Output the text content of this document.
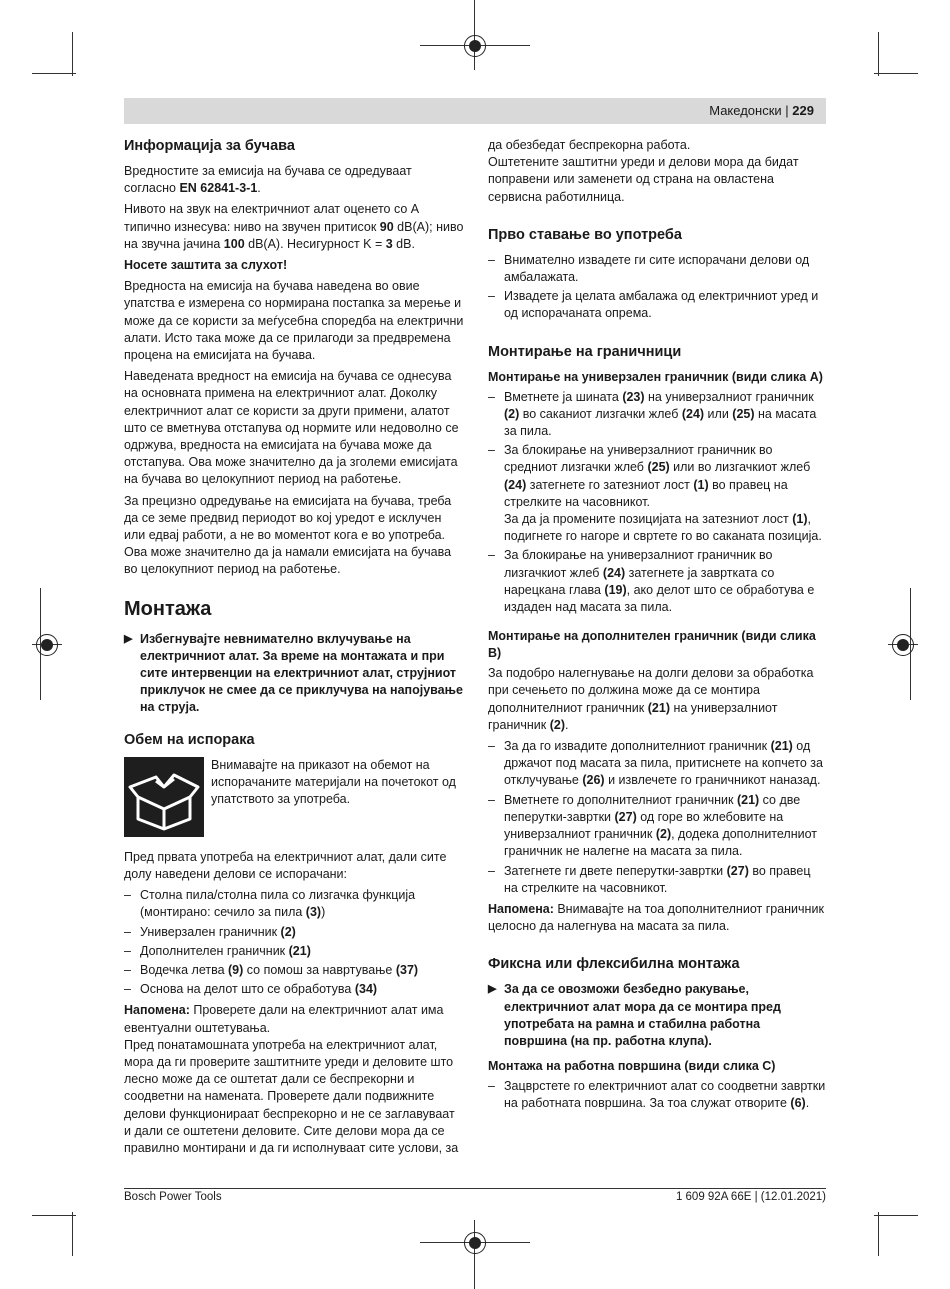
Македонски | 229
Информација за бучава

Вредностите за емисија на бучава се одредуваат согласно EN 62841-3-1.

Нивото на звук на електричниот алат оценето со A типично изнесува: ниво на звучен притисок 90 dB(A); ниво на звучна јачина 100 dB(A). Несигурност K = 3 dB.

Носете заштита за слухот!

Вредноста на емисија на бучава наведена во овие упатства е измерена со нормирана постапка за мерење и може да се користи за меѓусебна споредба на електрични алати. Исто така може да се прилагоди за предвремена процена на емисијата на бучава.

Наведената вредност на емисија на бучава се однесува на основната примена на електричниот алат. Доколку електричниот алат се користи за други примени, алатот што се вметнува отстапува од нормите или недоволно се одржува, вредноста на емисијата на бучава може да отстапува. Ова може значително да ја зголеми емисијата на бучава во целокупниот период на работење.

За прецизно одредување на емисијата на бучава, треба да се земе предвид периодот во кој уредот е исклучен или едвај работи, а не во моментот кога е во употреба. Ова може значително да ја намали емисијата на бучава во целокупниот период на работење.

Монтажа
▶ Избегнувајте невнимателно вклучување на електричниот алат. За време на монтажата и при сите интервенции на електричниот алат, струјниот приклучок не смее да се приклучува на напојување на струја.
Обем на испорака
Внимавајте на приказот на обемот на испорачаните материјали на почетокот од упатството за употреба.

Пред првата употреба на електричниот алат, дали сите долу наведени делови се испорачани:

– Столна пила/столна пила со лизгачка функција (монтирано: сечило за пила (3))
– Универзален граничник (2)
– Дополнителен граничник (21)
– Водечка летва (9) со помош за навртување (37)
– Основа на делот што се обработува (34)

Напомена: Проверете дали на електричниот алат има евентуални оштетувања.

Пред понатамошната употреба на електричниот алат, мора да ги проверите заштитните уреди и деловите што лесно може да се оштетат дали се беспрекорни и соодветни на намената. Проверете дали подвижните делови функционираат беспрекорно и не се заглавуваат и дали се оштетени деловите. Сите делови мора да се правилно монтирани и да ги исполнуваат сите услови, за

да обезбедат беспрекорна работа.

Оштетените заштитни уреди и делови мора да бидат поправени или заменети од страна на овластена сервисна работилница.

Прво ставање во употреба
– Внимателно извадете ги сите испорачани делови од амбалажата.
– Извадете ја целата амбалажа од електричниот уред и од испорачаната опрема.
Монтирање на граничници
Монтирање на универзален граничник (види слика A)
– Вметнете ја шината (23) на универзалниот граничник (2) во саканиот лизгачки жлеб (24) или (25) на масата за пила.
– За блокирање на универзалниот граничник во средниот лизгачки жлеб (25) или во лизгачкиот жлеб (24) затегнете го затезниот лост (1) во правец на стрелките на часовникот.
За да ја промените позицијата на затезниот лост (1), подигнете го нагоре и свртете го во саканата позиција.
– За блокирање на универзалниот граничник во лизгачкиот жлеб (24) затегнете ја завртката со нарецкана глава (19), ако делот што се обработува е издаден над масата за пила.
Монтирање на дополнителен граничник (види слика B)

За подобро налегнување на долги делови за обработка при сечењето по должина може да се монтира дополнителниот граничник (21) на универзалниот граничник (2).

– За да го извадите дополнителниот граничник (21) од држачот под масата за пила, притиснете на копчето за отклучување (26) и извлечете го граничникот наназад.
– Вметнете го дополнителниот граничник (21) со две пеперутки-завртки (27) од горе во жлебовите на универзалниот граничник (2), додека дополнителниот граничник не налегне на масата за пила.
– Затегнете ги двете пеперутки-завртки (27) во правец на стрелките на часовникот.

Напомена: Внимавајте на тоа дополнителниот граничник целосно да налегнува на масата за пила.

Фиксна или флексибилна монтажа
▶ За да се овозможи безбедно ракување, електричниот алат мора да се монтира пред употребата на рамна и стабилна работна површина (на пр. работна клупа).
Монтажа на работна површина (види слика C)
– Зацврстете го електричниот алат со соодветни завртки на работната површина. За тоа служат отворите (6).
Bosch Power Tools	1 609 92A 66E | (12.01.2021)
